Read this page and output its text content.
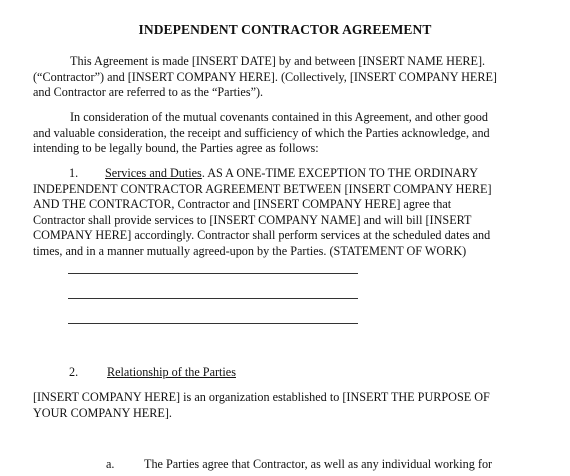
INDEPENDENT CONTRACTOR AGREEMENT
This Agreement is made [INSERT DATE] by and between [INSERT NAME HERE].
(“Contractor”) and [INSERT COMPANY HERE]. (Collectively, [INSERT COMPANY HERE]
and Contractor are referred to as the “Parties”).
In consideration of the mutual covenants contained in this Agreement, and other good
and valuable consideration, the receipt and sufficiency of which the Parties acknowledge, and
intending to be legally bound, the Parties agree as follows:
1. Services and Duties. AS A ONE-TIME EXCEPTION TO THE ORDINARY
INDEPENDENT CONTRACTOR AGREEMENT BETWEEN [INSERT COMPANY HERE]
AND THE CONTRACTOR, Contractor and [INSERT COMPANY HERE] agree that
Contractor shall provide services to [INSERT COMPANY NAME] and will bill [INSERT
COMPANY HERE] accordingly. Contractor shall perform services at the scheduled dates and
times, and in a manner mutually agreed-upon by the Parties. (STATEMENT OF WORK)
2. Relationship of the Parties
[INSERT COMPANY HERE] is an organization established to [INSERT THE PURPOSE OF
YOUR COMPANY HERE].
a. The Parties agree that Contractor, as well as any individual working for
